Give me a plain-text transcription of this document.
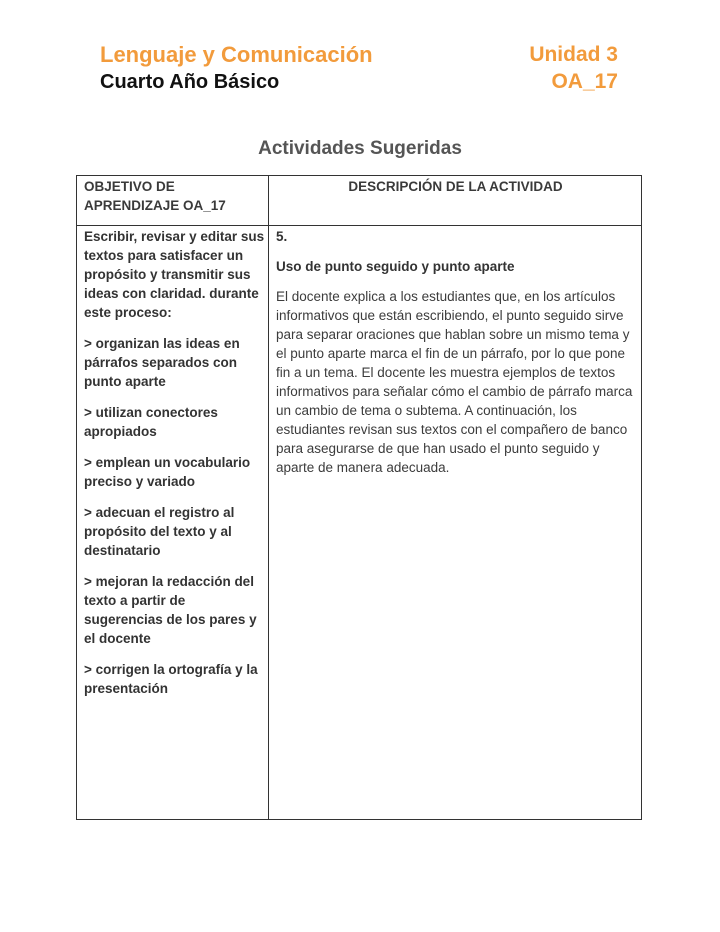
Lenguaje y Comunicación
Cuarto Año Básico
Unidad 3
OA_17
Actividades Sugeridas
OBJETIVO DE APRENDIZAJE OA_17
DESCRIPCIÓN DE LA ACTIVIDAD

Escribir, revisar y editar sus textos para satisfacer un propósito y transmitir sus ideas con claridad. durante este proceso:

> organizan las ideas en párrafos separados con punto aparte

> utilizan conectores apropiados

> emplean un vocabulario preciso y variado

> adecuan el registro al propósito del texto y al destinatario

> mejoran la redacción del texto a partir de sugerencias de los pares y el docente

> corrigen la ortografía y la presentación

5.

Uso de punto seguido y punto aparte

El docente explica a los estudiantes que, en los artículos informativos que están escribiendo, el punto seguido sirve para separar oraciones que hablan sobre un mismo tema y el punto aparte marca el fin de un párrafo, por lo que pone fin a un tema. El docente les muestra ejemplos de textos informativos para señalar cómo el cambio de párrafo marca un cambio de tema o subtema. A continuación, los estudiantes revisan sus textos con el compañero de banco para asegurarse de que han usado el punto seguido y aparte de manera adecuada.
